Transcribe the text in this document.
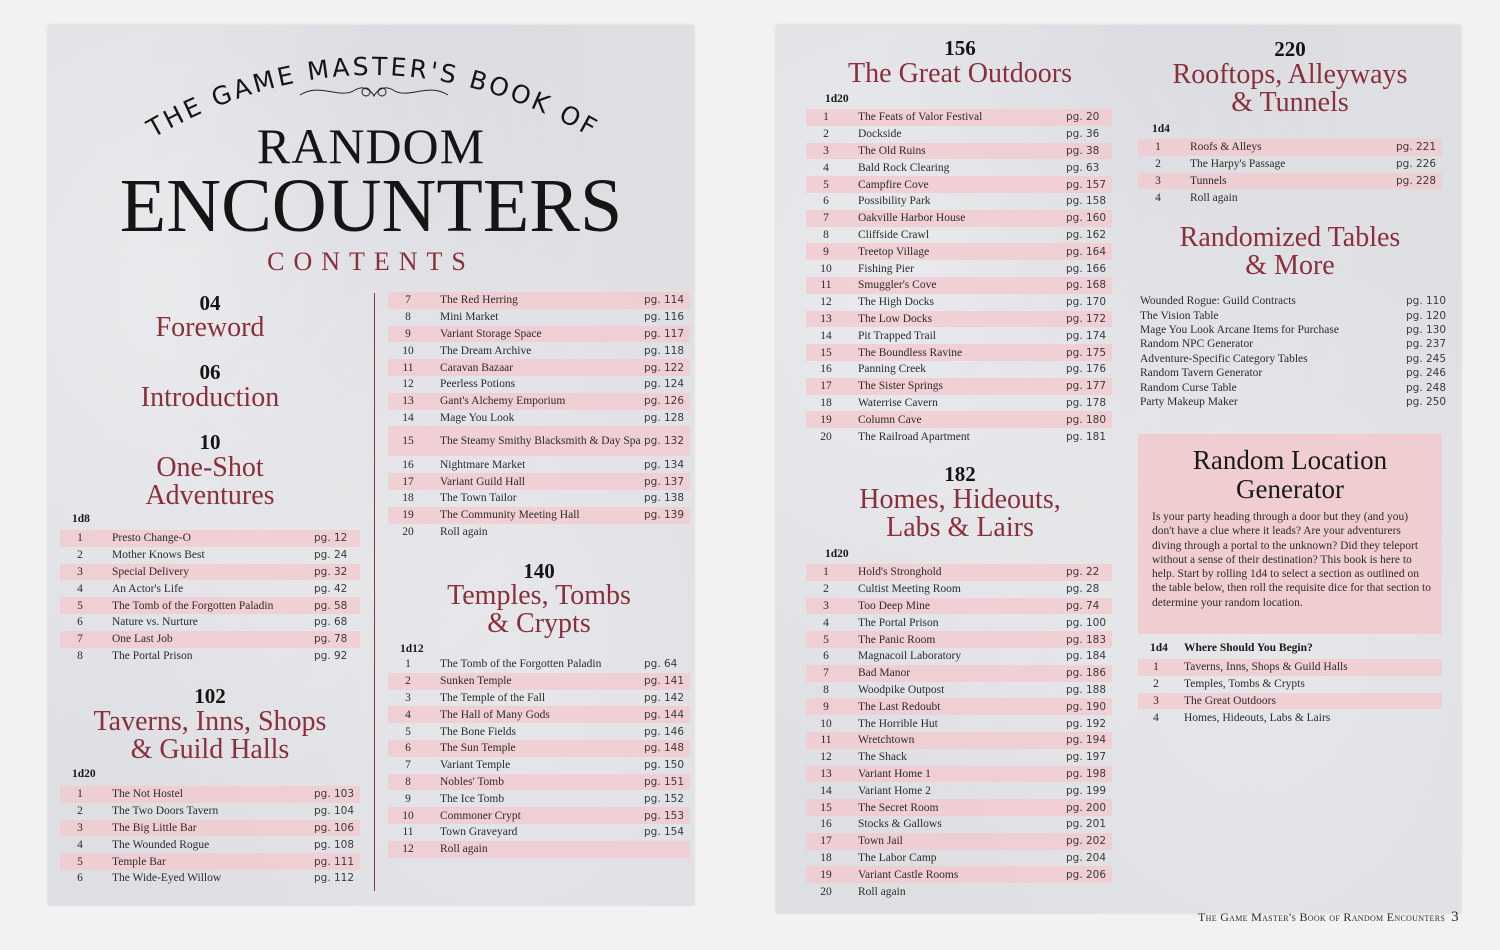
THE GAME MASTER'S BOOK OF
RANDOM
ENCOUNTERS
CONTENTS
04
Foreword
06
Introduction
10
One-Shot
Adventures
1d8
1	Presto Change-O	pg. 12
2	Mother Knows Best	pg. 24
3	Special Delivery	pg. 32
4	An Actor's Life	pg. 42
5	The Tomb of the Forgotten Paladin	pg. 58
6	Nature vs. Nurture	pg. 68
7	One Last Job	pg. 78
8	The Portal Prison	pg. 92
102
Taverns, Inns, Shops
& Guild Halls
1d20
1	The Not Hostel	pg. 103
2	The Two Doors Tavern	pg. 104
3	The Big Little Bar	pg. 106
4	The Wounded Rogue	pg. 108
5	Temple Bar	pg. 111
6	The Wide-Eyed Willow	pg. 112
7	The Red Herring	pg. 114
8	Mini Market	pg. 116
9	Variant Storage Space	pg. 117
10	The Dream Archive	pg. 118
11	Caravan Bazaar	pg. 122
12	Peerless Potions	pg. 124
13	Gant's Alchemy Emporium	pg. 126
14	Mage You Look	pg. 128
15	The Steamy Smithy Blacksmith & Day Spa pg. 132
16	Nightmare Market	pg. 134
17	Variant Guild Hall	pg. 137
18	The Town Tailor	pg. 138
19	The Community Meeting Hall	pg. 139
20	Roll again
140
Temples, Tombs
& Crypts
1d12
1	The Tomb of the Forgotten Paladin	pg. 64
2	Sunken Temple	pg. 141
3	The Temple of the Fall	pg. 142
4	The Hall of Many Gods	pg. 144
5	The Bone Fields	pg. 146
6	The Sun Temple	pg. 148
7	Variant Temple	pg. 150
8	Nobles' Tomb	pg. 151
9	The Ice Tomb	pg. 152
10	Commoner Crypt	pg. 153
11	Town Graveyard	pg. 154
12	Roll again
156
The Great Outdoors
1d20
1	The Feats of Valor Festival	pg. 20
2	Dockside	pg. 36
3	The Old Ruins	pg. 38
4	Bald Rock Clearing	pg. 63
5	Campfire Cove	pg. 157
6	Possibility Park	pg. 158
7	Oakville Harbor House	pg. 160
8	Cliffside Crawl	pg. 162
9	Treetop Village	pg. 164
10	Fishing Pier	pg. 166
11	Smuggler's Cove	pg. 168
12	The High Docks	pg. 170
13	The Low Docks	pg. 172
14	Pit Trapped Trail	pg. 174
15	The Boundless Ravine	pg. 175
16	Panning Creek	pg. 176
17	The Sister Springs	pg. 177
18	Waterrise Cavern	pg. 178
19	Column Cave	pg. 180
20	The Railroad Apartment	pg. 181
182
Homes, Hideouts,
Labs & Lairs
1d20
1	Hold's Stronghold	pg. 22
2	Cultist Meeting Room	pg. 28
3	Too Deep Mine	pg. 74
4	The Portal Prison	pg. 100
5	The Panic Room	pg. 183
6	Magnacoil Laboratory	pg. 184
7	Bad Manor	pg. 186
8	Woodpike Outpost	pg. 188
9	The Last Redoubt	pg. 190
10	The Horrible Hut	pg. 192
11	Wretchtown	pg. 194
12	The Shack	pg. 197
13	Variant Home 1	pg. 198
14	Variant Home 2	pg. 199
15	The Secret Room	pg. 200
16	Stocks & Gallows	pg. 201
17	Town Jail	pg. 202
18	The Labor Camp	pg. 204
19	Variant Castle Rooms	pg. 206
20	Roll again
220
Rooftops, Alleyways
& Tunnels
1d4
1	Roofs & Alleys	pg. 221
2	The Harpy's Passage	pg. 226
3	Tunnels	pg. 228
4	Roll again
Randomized Tables
& More
Wounded Rogue: Guild Contracts	pg. 110
The Vision Table	pg. 120
Mage You Look Arcane Items for Purchase	pg. 130
Random NPC Generator	pg. 237
Adventure-Specific Category Tables	pg. 245
Random Tavern Generator	pg. 246
Random Curse Table	pg. 248
Party Makeup Maker	pg. 250
Random Location
Generator
Is your party heading through a door but they (and you) don't have a clue where it leads? Are your adventurers diving through a portal to the unknown? Did they teleport without a sense of their destination? This book is here to help. Start by rolling 1d4 to select a section as outlined on the table below, then roll the requisite dice for that section to determine your random location.
1d4	Where Should You Begin?
1	Taverns, Inns, Shops & Guild Halls
2	Temples, Tombs & Crypts
3	The Great Outdoors
4	Homes, Hideouts, Labs & Lairs
The Game Master's Book of Random Encounters 3
